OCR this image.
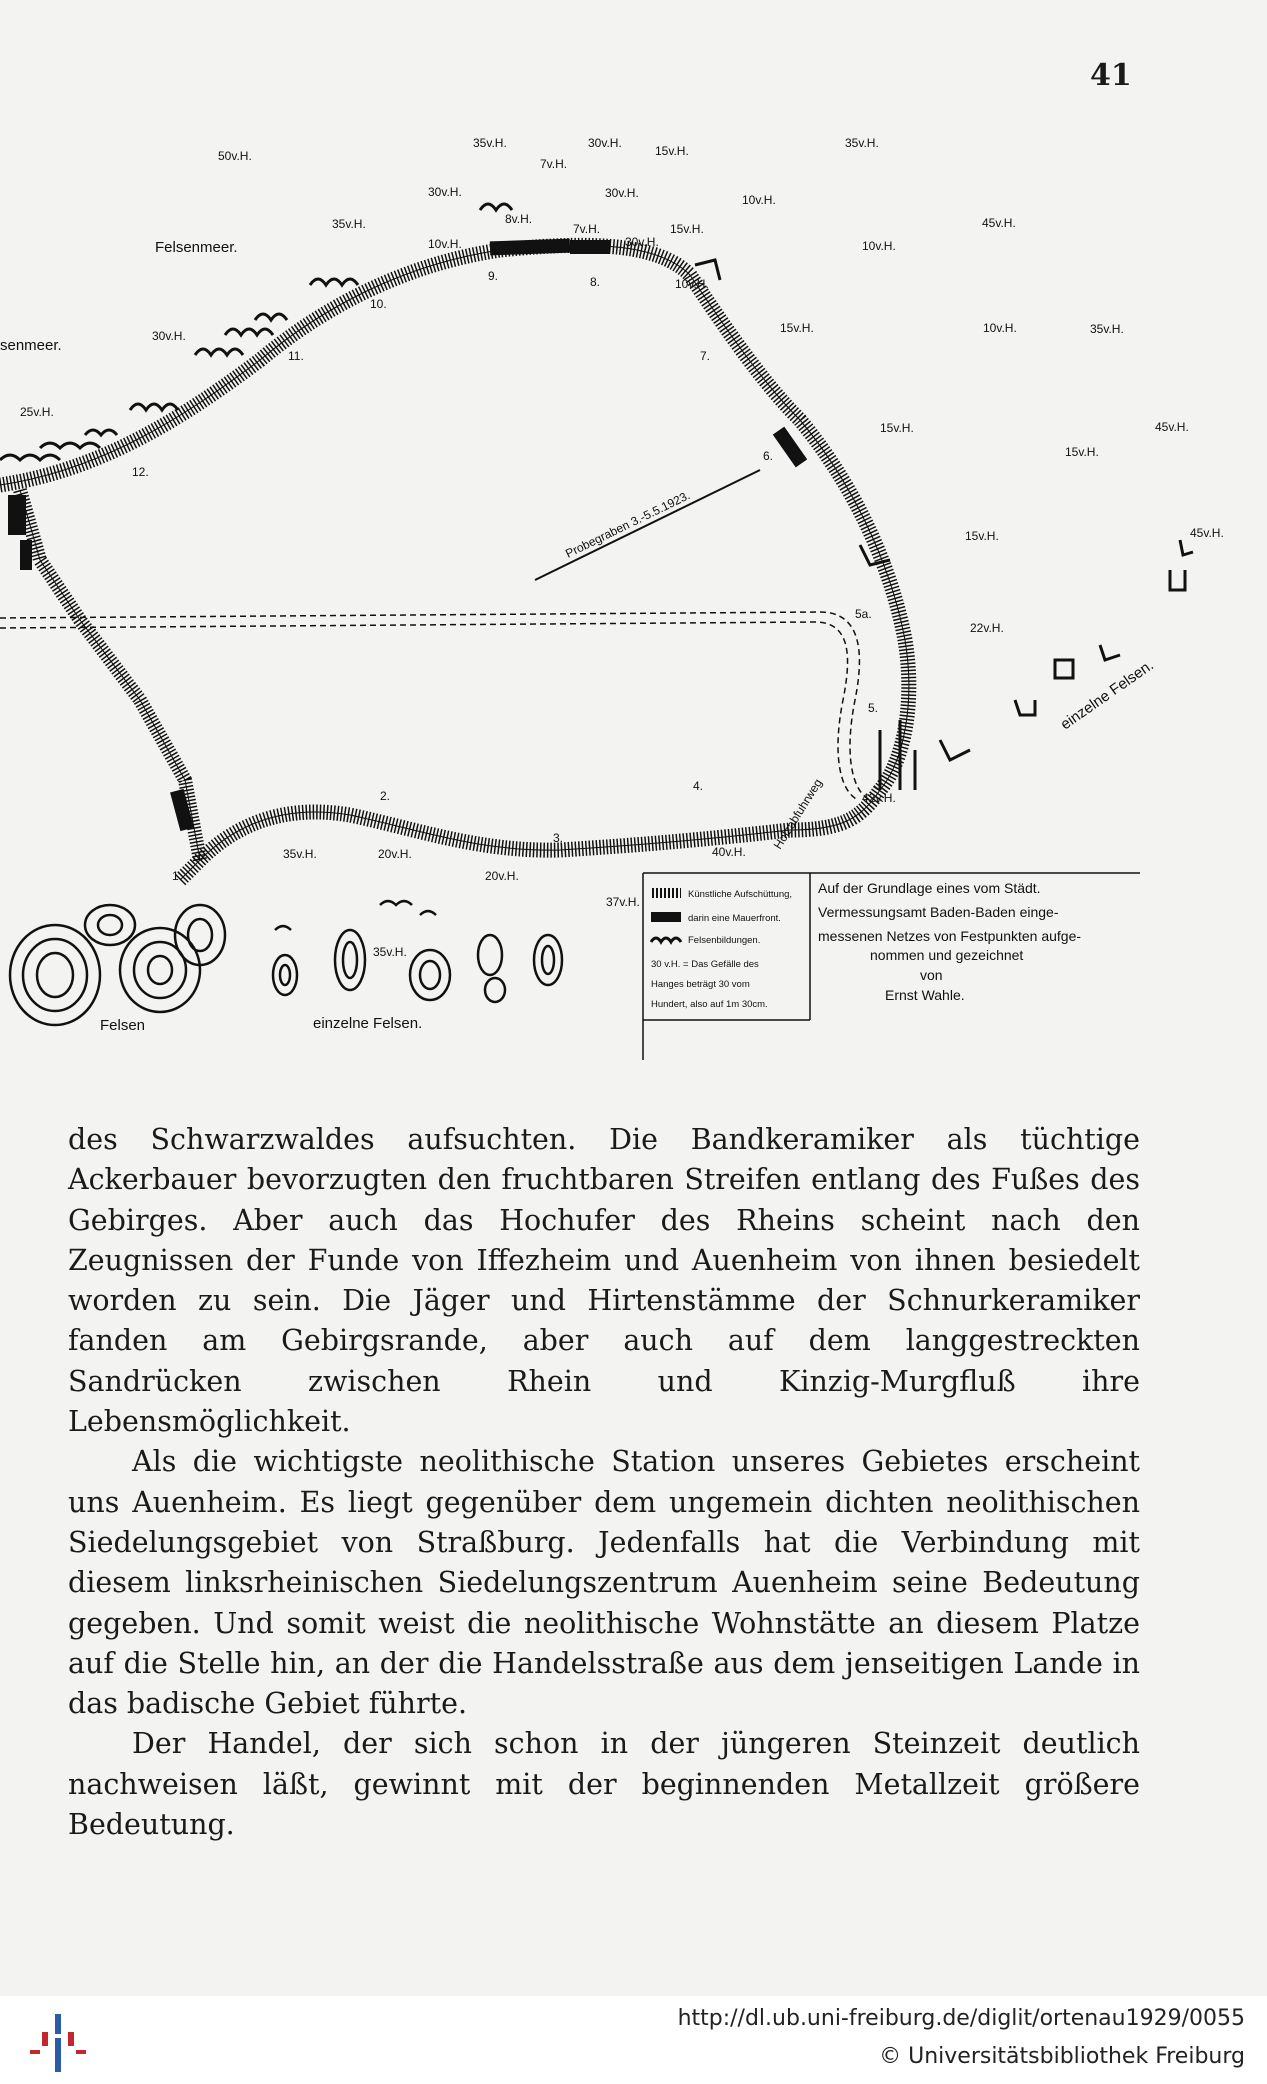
41
50v.H.
35v.H.	30v.H.
15v.H.
35v.H.
7v.H.
30v.H.	30v.H.	10v.H.
8v.H.
35v.H.	7v.H.	15v.H.	45v.H.
10v.H.	30v.H.	10v.H.
10v.H.
Felsenmeer.
senmeer.
30v.H.
15v.H.	10v.H.	35v.H.
25v.H.
15v.H.	45v.H.
15v.H.
15v.H.	45v.H.
22v.H.
einzelne Felsen.
42v.H.
35v.H.	20v.H.
20v.H.
40v.H.
37v.H.
35v.H.
Felsen	einzelne Felsen.
1.
2.
3.
4.
5.
5a.
6.
7.
8.
9.
10.
11.
12.
Probegraben 3.-5.5.1923.
Holzabfuhrweg
Künstliche Aufschüttung,
darin eine Mauerfront.
Felsenbildungen.
30 v.H. = Das Gefälle des
Hanges beträgt 30 vom
Hundert, also auf 1m 30cm.
Auf der Grundlage eines vom Städt.
Vermessungsamt Baden-Baden einge-
messenen Netzes von Festpunkten aufge-
nommen und gezeichnet
von
Ernst Wahle.

des Schwarzwaldes aufsuchten. Die Bandkeramiker als tüchtige Ackerbauer bevorzugten den fruchtbaren Streifen entlang des Fußes des Gebirges. Aber auch das Hochufer des Rheins scheint nach den Zeugnissen der Funde von Iffezheim und Auenheim von ihnen besiedelt worden zu sein. Die Jäger und Hirtenstämme der Schnurkeramiker fanden am Gebirgsrande, aber auch auf dem langgestreckten Sandrücken zwischen Rhein und Kinzig-Murgfluß ihre Lebensmöglichkeit.

Als die wichtigste neolithische Station unseres Gebietes erscheint uns Auenheim. Es liegt gegenüber dem ungemein dichten neolithischen Siedelungsgebiet von Straßburg. Jedenfalls hat die Verbindung mit diesem linksrheinischen Siedelungszentrum Auenheim seine Bedeutung gegeben. Und somit weist die neolithische Wohnstätte an diesem Platze auf die Stelle hin, an der die Handelsstraße aus dem jenseitigen Lande in das badische Gebiet führte.

Der Handel, der sich schon in der jüngeren Steinzeit deutlich nachweisen läßt, gewinnt mit der beginnenden Metallzeit größere Bedeutung.

http://dl.ub.uni-freiburg.de/diglit/ortenau1929/0055
© Universitätsbibliothek Freiburg
